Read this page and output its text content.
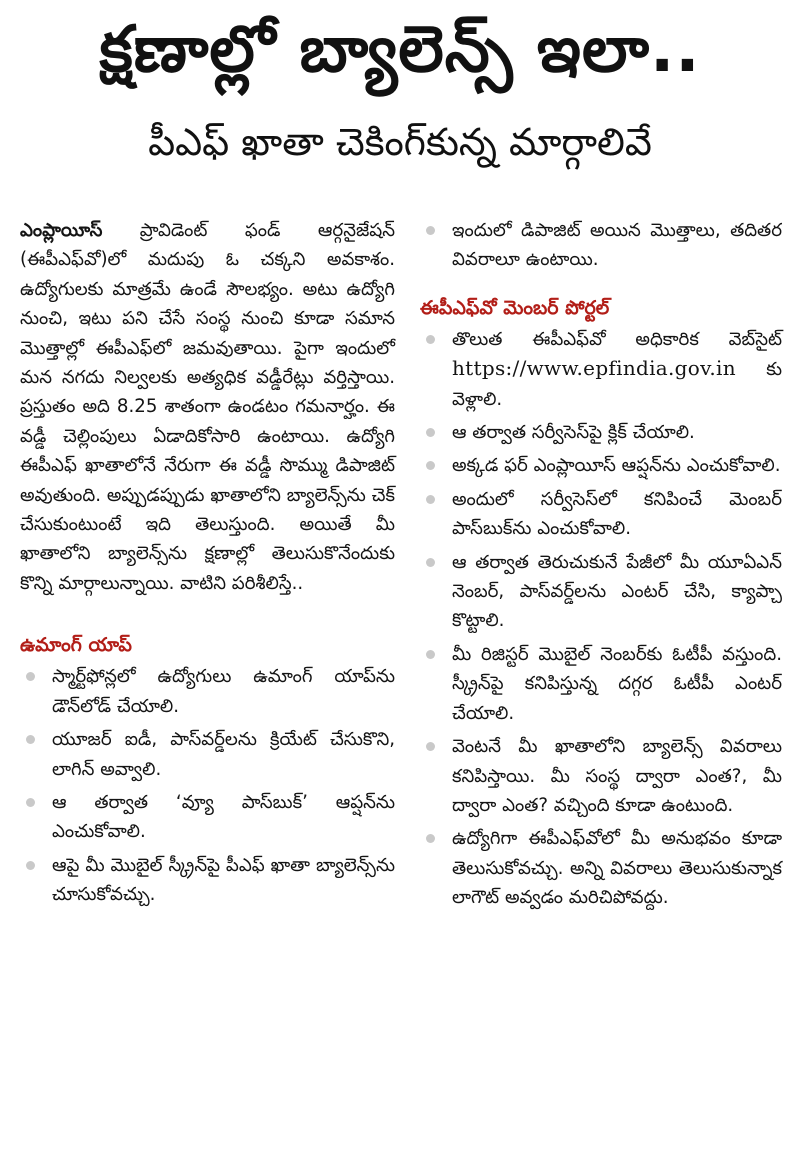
క్షణాల్లో బ్యాలెన్స్‌ ఇలా..
పీఎఫ్‌ ఖాతా చెకింగ్‌కున్న మార్గాలివే

ఎంప్లాయీస్‌ ప్రావిడెంట్‌ ఫండ్‌ ఆర్గనైజేషన్‌ (ఈపీఎఫ్‌వో)లో మదుపు ఓ చక్కని అవకాశం. ఉద్యోగులకు మాత్రమే ఉండే సౌలభ్యం. అటు ఉద్యోగి నుంచి, ఇటు పని చేసే సంస్థ నుంచి కూడా సమాన మొత్తాల్లో ఈపీఎఫ్‌లో జమవుతాయి. పైగా ఇందులో మన నగదు నిల్వలకు అత్యధిక వడ్డీరేట్లు వర్తిస్తాయి. ప్రస్తుతం అది 8.25 శాతంగా ఉండటం గమనార్హం. ఈ వడ్డీ చెల్లింపులు ఏడాదికోసారి ఉంటాయి. ఉద్యోగి ఈపీఎఫ్‌ ఖాతాలోనే నేరుగా ఈ వడ్డీ సొమ్ము డిపాజిట్‌ అవుతుంది. అప్పుడప్పుడు ఖాతాలోని బ్యాలెన్స్‌ను చెక్‌ చేసుకుంటుంటే ఇది తెలుస్తుంది. అయితే మీ ఖాతాలోని బ్యాలెన్స్‌ను క్షణాల్లో తెలుసుకొనేందుకు కొన్ని మార్గాలున్నాయి. వాటిని పరిశీలిస్తే..

ఉమాంగ్‌ యాప్‌
స్మార్ట్‌ఫోన్లలో ఉద్యోగులు ఉమాంగ్‌ యాప్‌ను డౌన్‌లోడ్‌ చేయాలి.
యూజర్‌ ఐడీ, పాస్‌వర్డ్‌లను క్రియేట్‌ చేసుకొని, లాగిన్‌ అవ్వాలి.
ఆ తర్వాత ‘వ్యూ పాస్‌బుక్‌’ ఆప్షన్‌ను ఎంచుకోవాలి.
ఆపై మీ మొబైల్‌ స్క్రీన్‌పై పీఎఫ్‌ ఖాతా బ్యాలెన్స్‌ను చూసుకోవచ్చు.
ఇందులో డిపాజిట్‌ అయిన మొత్తాలు, తదితర వివరాలూ ఉంటాయి.
ఈపీఎఫ్‌వో మెంబర్‌ పోర్టల్‌
తొలుత ఈపీఎఫ్‌వో అధికారిక వెబ్‌సైట్‌ https://www.epfindia.gov.in కు వెళ్లాలి.
ఆ తర్వాత సర్వీసెస్‌పై క్లిక్‌ చేయాలి.
అక్కడ ఫర్‌ ఎంప్లాయీస్‌ ఆప్షన్‌ను ఎంచుకోవాలి.
అందులో సర్వీసెస్‌లో కనిపించే మెంబర్‌ పాస్‌బుక్‌ను ఎంచుకోవాలి.
ఆ తర్వాత తెరుచుకునే పేజీలో మీ యూఏఎన్‌ నెంబర్‌, పాస్‌వర్డ్‌లను ఎంటర్‌ చేసి, క్యాప్చా కొట్టాలి.
మీ రిజిస్టర్‌ మొబైల్‌ నెంబర్‌కు ఓటీపీ వస్తుంది. స్క్రీన్‌పై కనిపిస్తున్న దగ్గర ఓటీపీ ఎంటర్‌ చేయాలి.
వెంటనే మీ ఖాతాలోని బ్యాలెన్స్‌ వివరాలు కనిపిస్తాయి. మీ సంస్థ ద్వారా ఎంత?, మీ ద్వారా ఎంత? వచ్చింది కూడా ఉంటుంది.
ఉద్యోగిగా ఈపీఎఫ్‌వోలో మీ అనుభవం కూడా తెలుసుకోవచ్చు. అన్ని వివరాలు తెలుసుకున్నాక లాగౌట్‌ అవ్వడం మరిచిపోవద్దు.
